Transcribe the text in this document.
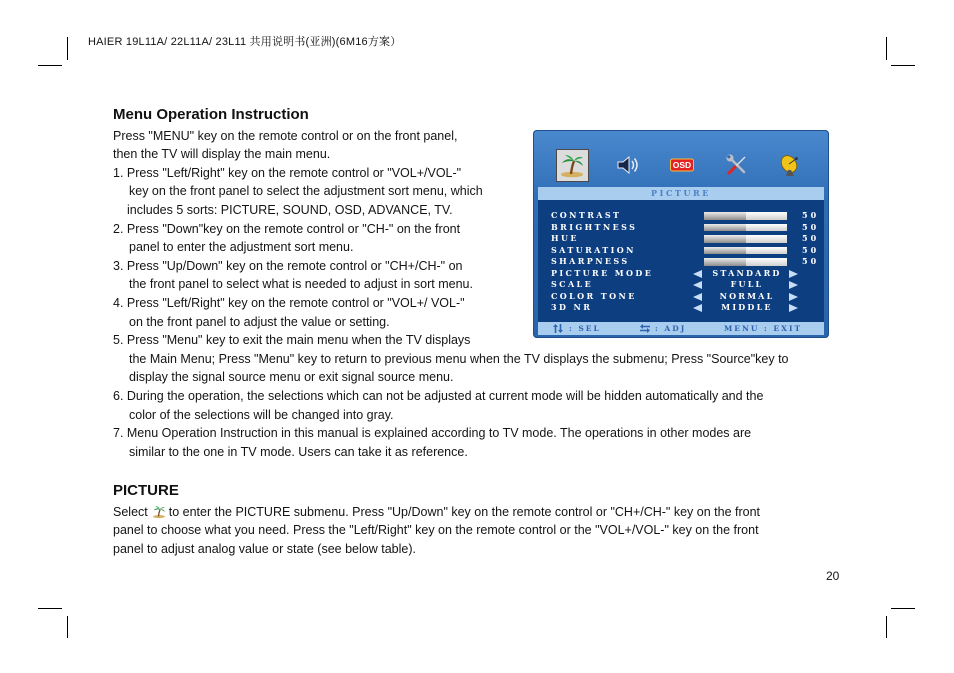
HAIER 19L11A/ 22L11A/ 23L11 共用说明书(亚洲)(6M16方案）
Menu Operation Instruction
Press "MENU" key on the remote control or on the front panel,
then the TV will display the main menu.
1. Press "Left/Right" key on the remote control or "VOL+/VOL-"
key on the front panel to select the adjustment sort menu, which
includes 5 sorts: PICTURE, SOUND, OSD, ADVANCE, TV.
2. Press "Down"key on the remote control or "CH-" on the front
panel to enter the adjustment sort menu.
3. Press "Up/Down" key on the remote control or "CH+/CH-" on
the front panel to select what is needed to adjust in sort menu.
4. Press "Left/Right" key on the remote control or "VOL+/ VOL-"
on the front panel to adjust the value or setting.
5. Press "Menu" key to exit the main menu when the TV displays
the Main Menu; Press "Menu" key to return to previous menu when the TV displays the submenu; Press "Source"key to
display the signal source menu or exit signal source menu.
6. During the operation, the selections which can not be adjusted at current mode will be hidden automatically and the
color of the selections will be changed into gray.
7. Menu Operation Instruction in this manual is explained according to TV mode. The operations in other modes are
similar to the one in TV mode. Users can take it as reference.
OSD
PICTURE
CONTRAST	50
BRIGHTNESS	50
HUE	50
SATURATION	50
SHARPNESS	50
PICTURE MODE	STANDARD
SCALE	FULL
COLOR TONE	NORMAL
3D NR	MIDDLE
: SEL	: ADJ	MENU : EXIT
PICTURE
Select to enter the PICTURE submenu. Press "Up/Down" key on the remote control or "CH+/CH-" key on the front
panel to choose what you need. Press the "Left/Right" key on the remote control or the "VOL+/VOL-" key on the front
panel to adjust analog value or state (see below table).
20
